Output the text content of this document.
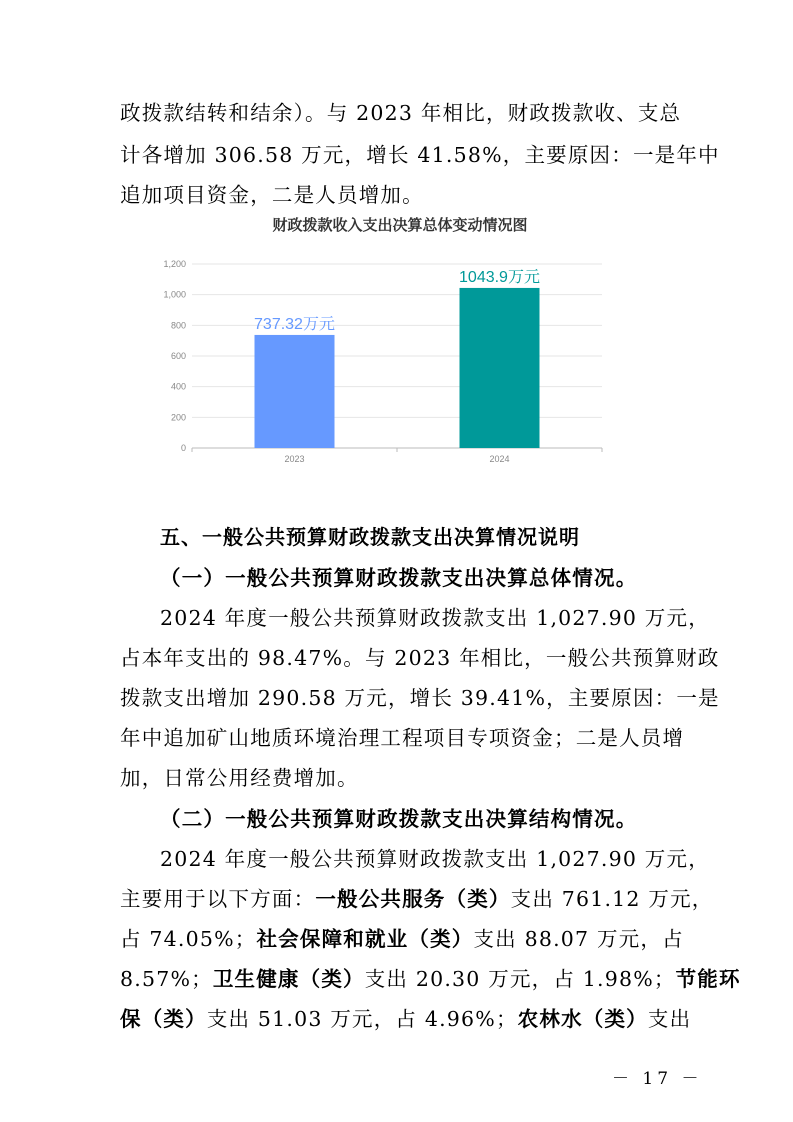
政拨款结转和结余）。与 2023 年相比，财政拨款收、支总
计各增加 306.58 万元，增长 41.58%，主要原因：一是年中
追加项目资金，二是人员增加。
财政拨款收入支出决算总体变动情况图
0
200
400
600
800
1,000
1,200
737.32万元
2023
1043.9万元
2024
五、一般公共预算财政拨款支出决算情况说明
（一）一般公共预算财政拨款支出决算总体情况。
2024 年度一般公共预算财政拨款支出 1,027.90 万元，
占本年支出的 98.47%。与 2023 年相比，一般公共预算财政
拨款支出增加 290.58 万元，增长 39.41%，主要原因：一是
年中追加矿山地质环境治理工程项目专项资金；二是人员增
加，日常公用经费增加。
（二）一般公共预算财政拨款支出决算结构情况。
2024 年度一般公共预算财政拨款支出 1,027.90 万元，
主要用于以下方面：一般公共服务（类）支出 761.12 万元，
占 74.05%；社会保障和就业（类）支出 88.07 万元，占
8.57%；卫生健康（类）支出 20.30 万元，占 1.98%；节能环
保（类）支出 51.03 万元，占 4.96%；农林水（类）支出
－ 17 －
